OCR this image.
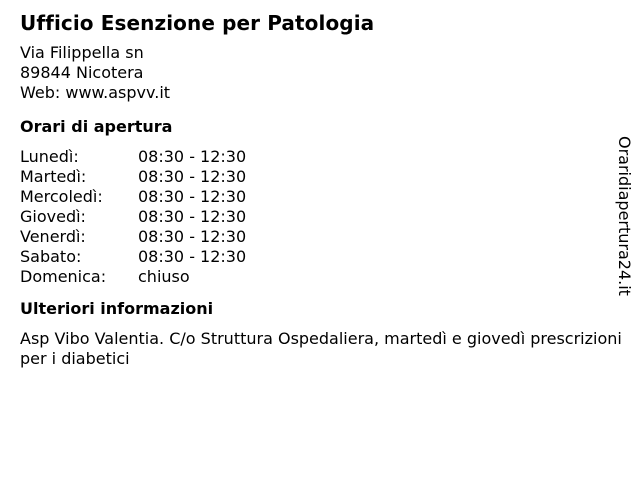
Ufficio Esenzione per Patologia
Via Filippella sn
89844 Nicotera
Web: www.aspvv.it
Orari di apertura
Lunedì:	08:30 - 12:30
Martedì:	08:30 - 12:30
Mercoledì:	08:30 - 12:30
Giovedì:	08:30 - 12:30
Venerdì:	08:30 - 12:30
Sabato:	08:30 - 12:30
Domenica:	chiuso
Ulteriori informazioni
Asp Vibo Valentia. C/o Struttura Ospedaliera, martedì e giovedì prescrizioni per i diabetici
Oraridiapertura24.it
